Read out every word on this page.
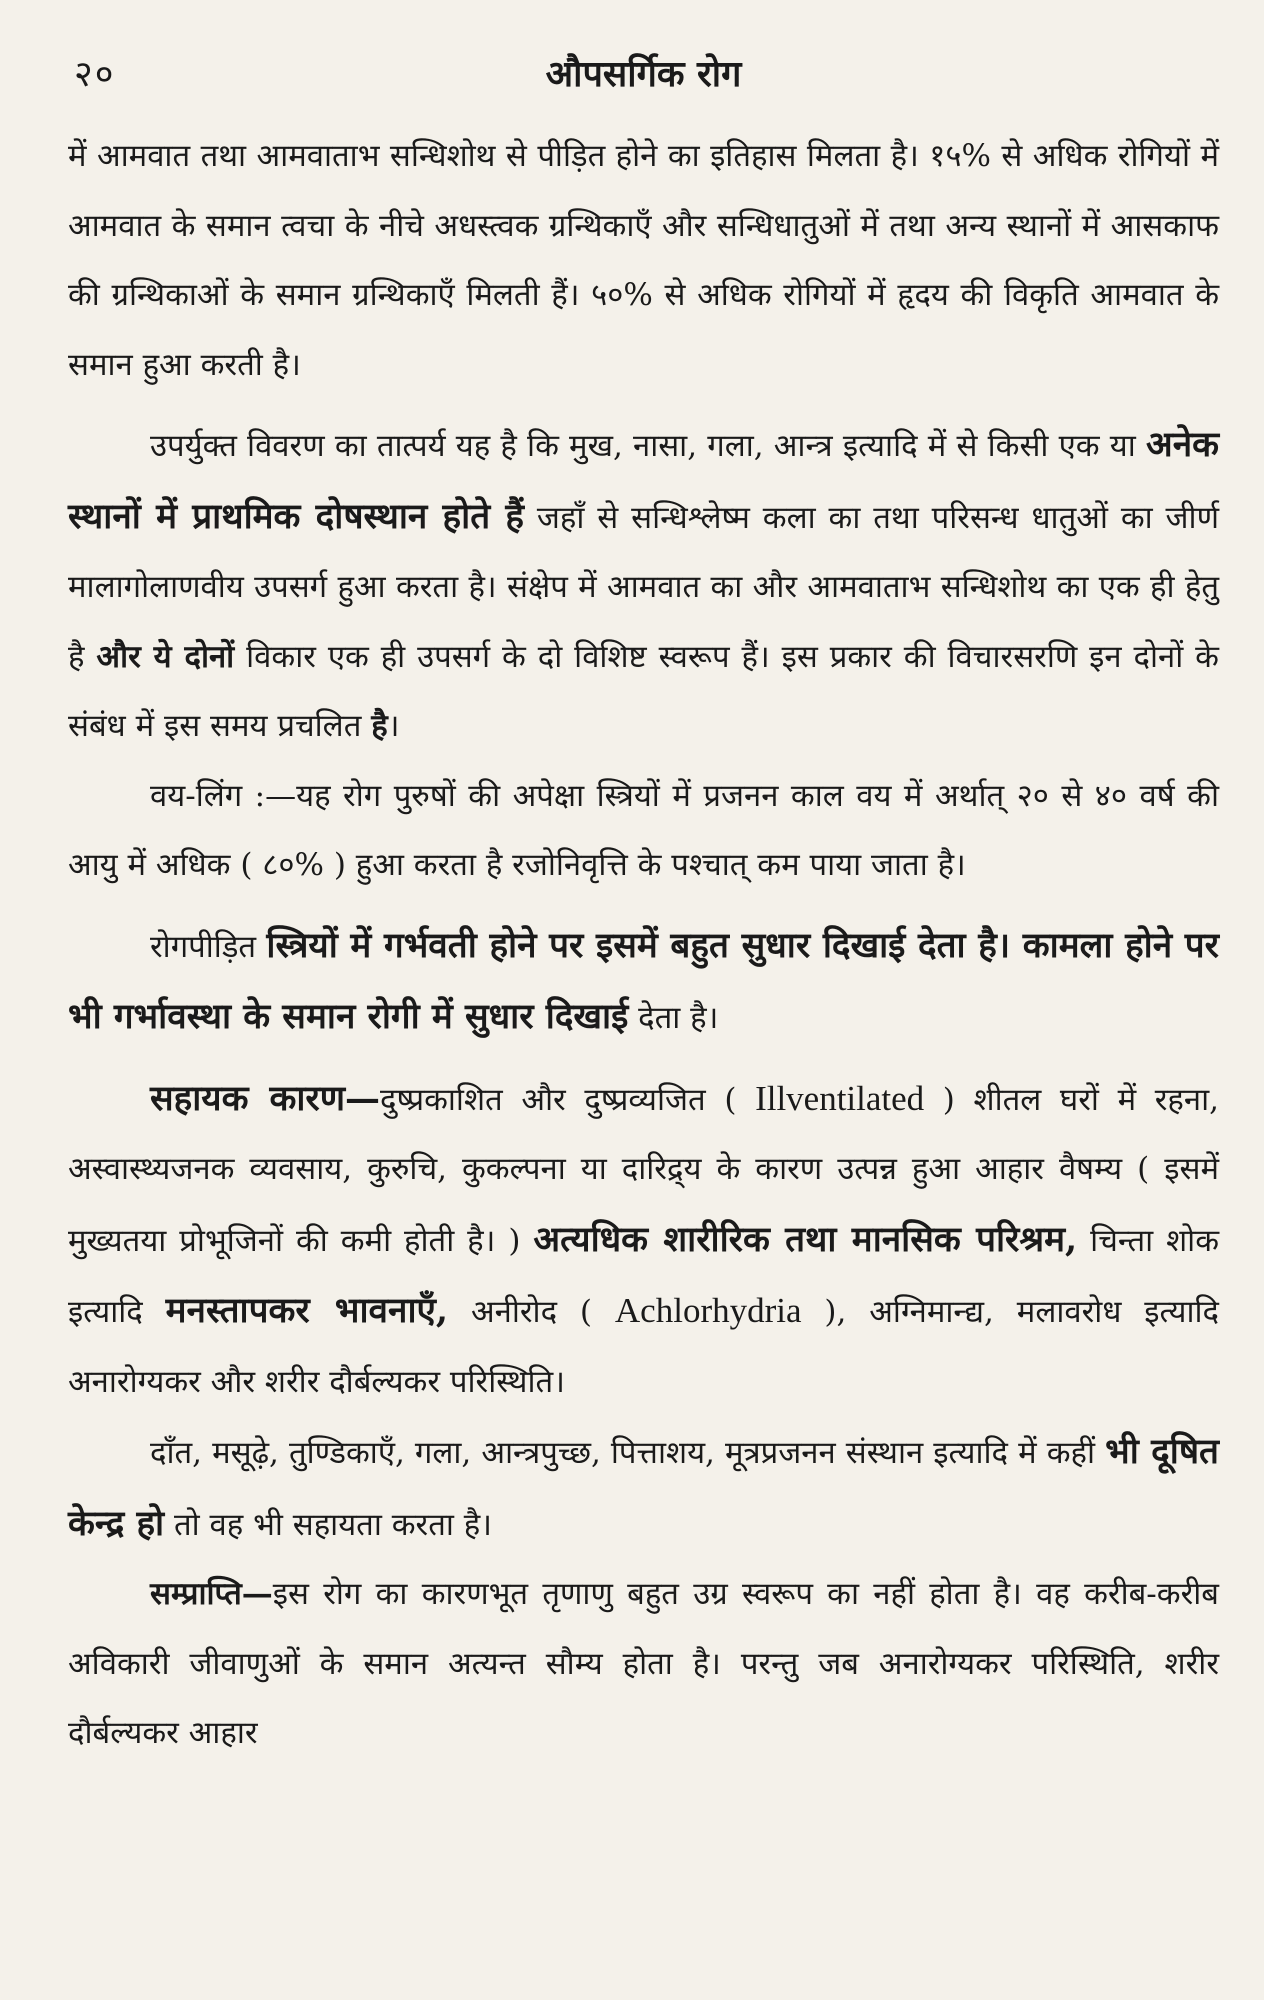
२०	औपसर्गिक रोग

में आमवात तथा आमवाताभ सन्धिशोथ से पीड़ित होने का इतिहास मिलता है। १५% से अधिक रोगियों में आमवात के समान त्वचा के नीचे अधस्त्वक ग्रन्थिकाएँ और सन्धिधातुओं में तथा अन्य स्थानों में आसकाफ की ग्रन्थिकाओं के समान ग्रन्थिकाएँ मिलती हैं। ५०% से अधिक रोगियों में हृदय की विकृति आमवात के समान हुआ करती है।

उपर्युक्त विवरण का तात्पर्य यह है कि मुख, नासा, गला, आन्त्र इत्यादि में से किसी एक या अनेक स्थानों में प्राथमिक दोषस्थान होते हैं जहाँ से सन्धिश्लेष्म कला का तथा परिसन्ध धातुओं का जीर्ण मालागोलाणवीय उपसर्ग हुआ करता है। संक्षेप में आमवात का और आमवाताभ सन्धिशोथ का एक ही हेतु है और ये दोनों विकार एक ही उपसर्ग के दो विशिष्ट स्वरूप हैं। इस प्रकार की विचारसरणि इन दोनों के संबंध में इस समय प्रचलित है।

वय-लिंग :—यह रोग पुरुषों की अपेक्षा स्त्रियों में प्रजनन काल वय में अर्थात् २० से ४० वर्ष की आयु में अधिक ( ८०% ) हुआ करता है रजोनिवृत्ति के पश्चात् कम पाया जाता है।

रोगपीड़ित स्त्रियों में गर्भवती होने पर इसमें बहुत सुधार दिखाई देता है। कामला होने पर भी गर्भावस्था के समान रोगी में सुधार दिखाई देता है।

सहायक कारण—दुष्प्रकाशित और दुष्प्रव्यजित ( Illventilated ) शीतल घरों में रहना, अस्वास्थ्यजनक व्यवसाय, कुरुचि, कुकल्पना या दारिद्र्य के कारण उत्पन्न हुआ आहार वैषम्य ( इसमें मुख्यतया प्रोभूजिनों की कमी होती है। ) अत्यधिक शारीरिक तथा मानसिक परिश्रम, चिन्ता शोक इत्यादि मनस्तापकर भावनाएँ, अनीरोद ( Achlorhydria ), अग्निमान्द्य, मलावरोध इत्यादि अनारोग्यकर और शरीर दौर्बल्यकर परिस्थिति।

दाँत, मसूढ़े, तुण्डिकाएँ, गला, आन्त्रपुच्छ, पित्ताशय, मूत्रप्रजनन संस्थान इत्यादि में कहीं भी दूषित केन्द्र हो तो वह भी सहायता करता है।

सम्प्राप्ति—इस रोग का कारणभूत तृणाणु बहुत उग्र स्वरूप का नहीं होता है। वह करीब-करीब अविकारी जीवाणुओं के समान अत्यन्त सौम्य होता है। परन्तु जब अनारोग्यकर परिस्थिति, शरीर दौर्बल्यकर आहार
